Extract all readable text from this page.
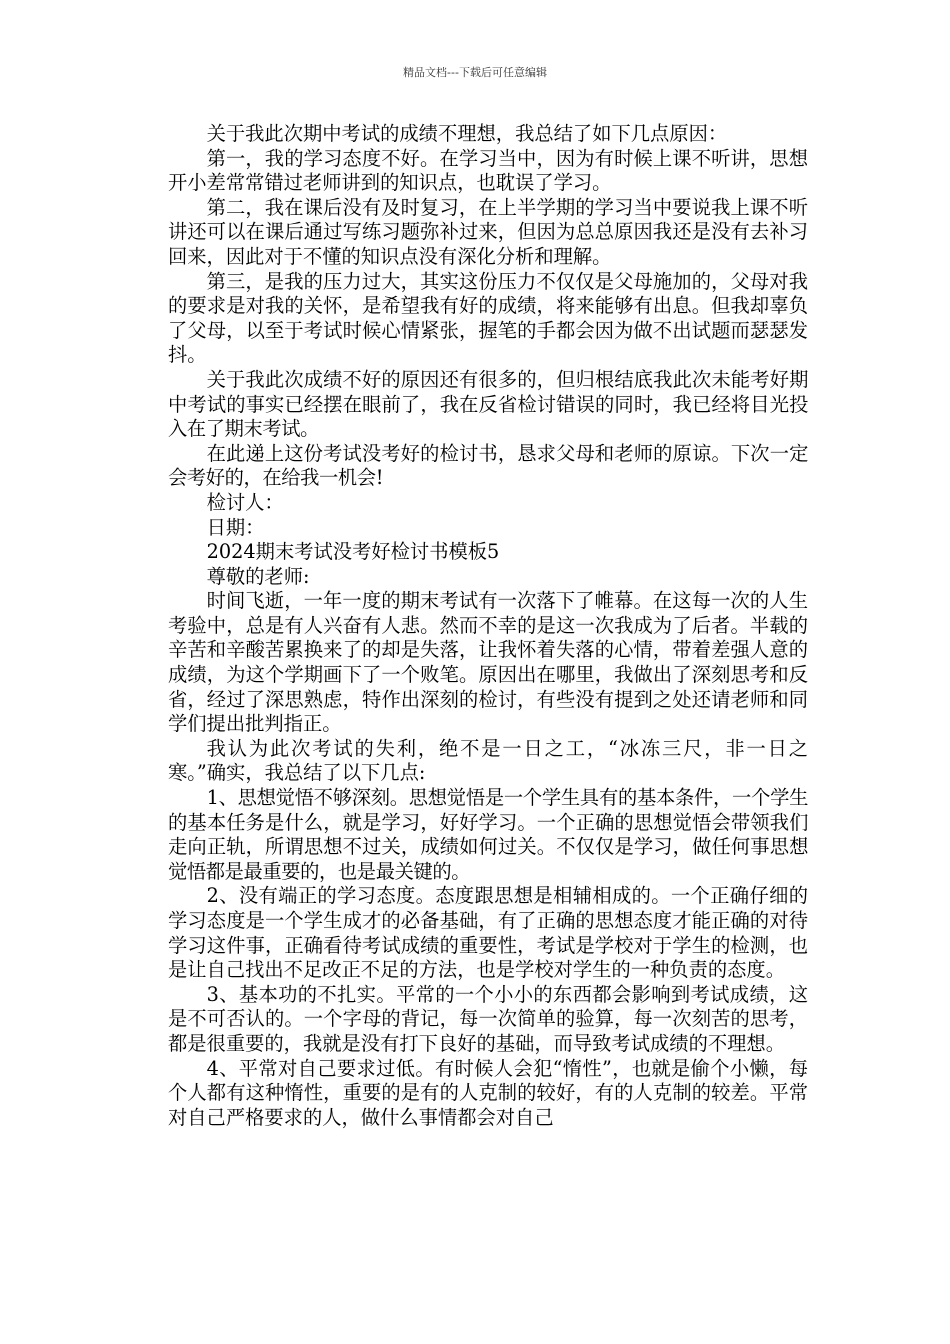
精品文档---下载后可任意编辑

关于我此次期中考试的成绩不理想，我总结了如下几点原因：

第一，我的学习态度不好。在学习当中，因为有时候上课不听讲，思想开小差常常错过老师讲到的知识点，也耽误了学习。

第二，我在课后没有及时复习，在上半学期的学习当中要说我上课不听讲还可以在课后通过写练习题弥补过来，但因为总总原因我还是没有去补习回来，因此对于不懂的知识点没有深化分析和理解。

第三，是我的压力过大，其实这份压力不仅仅是父母施加的，父母对我的要求是对我的关怀，是希望我有好的成绩，将来能够有出息。但我却辜负了父母，以至于考试时候心情紧张，握笔的手都会因为做不出试题而瑟瑟发抖。

关于我此次成绩不好的原因还有很多的，但归根结底我此次未能考好期中考试的事实已经摆在眼前了，我在反省检讨错误的同时，我已经将目光投入在了期末考试。

在此递上这份考试没考好的检讨书，恳求父母和老师的原谅。下次一定会考好的，在给我一机会!

检讨人：

日期：

2024期末考试没考好检讨书模板5

尊敬的老师:

时间飞逝，一年一度的期末考试有一次落下了帷幕。在这每一次的人生考验中，总是有人兴奋有人悲。然而不幸的是这一次我成为了后者。半载的辛苦和辛酸苦累换来了的却是失落，让我怀着失落的心情，带着差强人意的成绩，为这个学期画下了一个败笔。原因出在哪里，我做出了深刻思考和反省，经过了深思熟虑，特作出深刻的检讨，有些没有提到之处还请老师和同学们提出批判指正。

我认为此次考试的失利，绝不是一日之工，“冰冻三尺，非一日之寒。”确实，我总结了以下几点:

1、思想觉悟不够深刻。思想觉悟是一个学生具有的基本条件，一个学生的基本任务是什么，就是学习，好好学习。一个正确的思想觉悟会带领我们走向正轨，所谓思想不过关，成绩如何过关。不仅仅是学习，做任何事思想觉悟都是最重要的，也是最关键的。

2、没有端正的学习态度。态度跟思想是相辅相成的。一个正确仔细的学习态度是一个学生成才的必备基础，有了正确的思想态度才能正确的对待学习这件事，正确看待考试成绩的重要性，考试是学校对于学生的检测，也是让自己找出不足改正不足的方法，也是学校对学生的一种负责的态度。

3、基本功的不扎实。平常的一个小小的东西都会影响到考试成绩，这是不可否认的。一个字母的背记，每一次简单的验算，每一次刻苦的思考，都是很重要的，我就是没有打下良好的基础，而导致考试成绩的不理想。

4、平常对自己要求过低。有时候人会犯“惰性”，也就是偷个小懒，每个人都有这种惰性，重要的是有的人克制的较好，有的人克制的较差。平常对自己严格要求的人，做什么事情都会对自己
